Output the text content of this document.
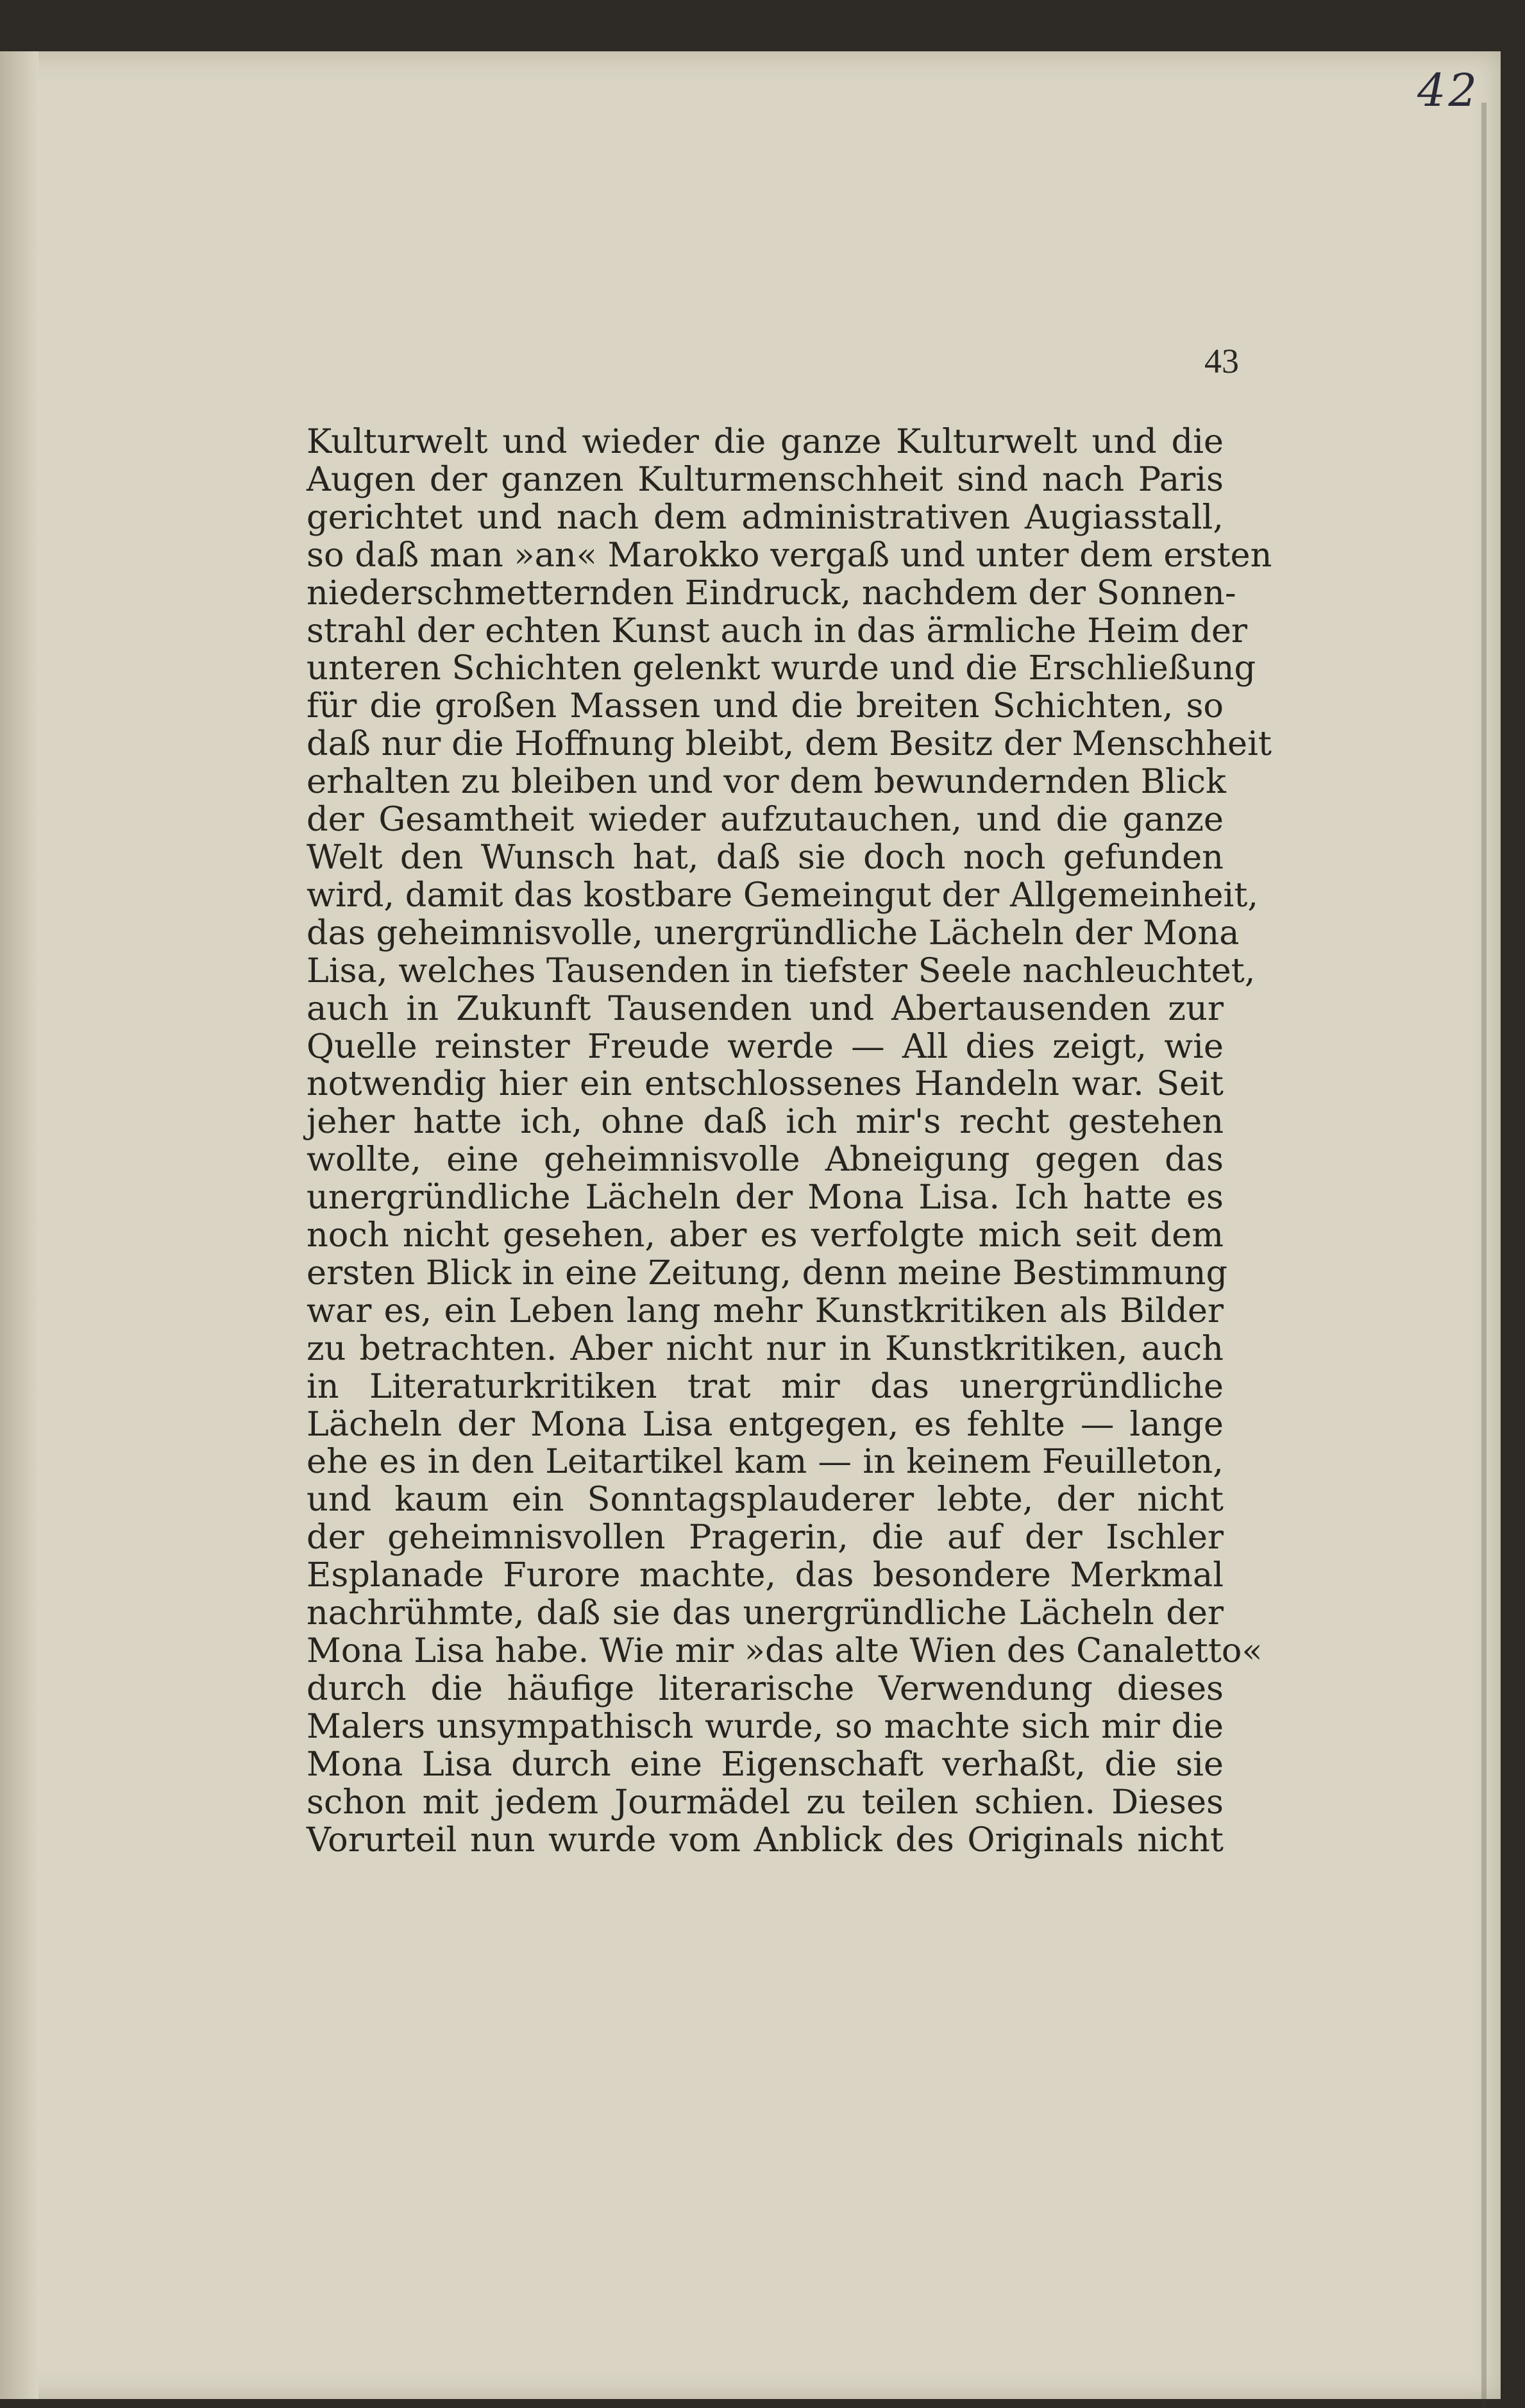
42
43
Kulturwelt und wieder die ganze Kulturwelt und die
Augen der ganzen Kulturmenschheit sind nach Paris
gerichtet und nach dem administrativen Augiasstall,
so daß man »an« Marokko vergaß und unter dem ersten
niederschmetternden Eindruck, nachdem der Sonnen-
strahl der echten Kunst auch in das ärmliche Heim der
unteren Schichten gelenkt wurde und die Erschließung
für die großen Massen und die breiten Schichten, so
daß nur die Hoffnung bleibt, dem Besitz der Menschheit
erhalten zu bleiben und vor dem bewundernden Blick
der Gesamtheit wieder aufzutauchen, und die ganze
Welt den Wunsch hat, daß sie doch noch gefunden
wird, damit das kostbare Gemeingut der Allgemeinheit,
das geheimnisvolle, unergründliche Lächeln der Mona
Lisa, welches Tausenden in tiefster Seele nachleuchtet,
auch in Zukunft Tausenden und Abertausenden zur
Quelle reinster Freude werde — All dies zeigt, wie
notwendig hier ein entschlossenes Handeln war. Seit
jeher hatte ich, ohne daß ich mir's recht gestehen
wollte, eine geheimnisvolle Abneigung gegen das
unergründliche Lächeln der Mona Lisa. Ich hatte es
noch nicht gesehen, aber es verfolgte mich seit dem
ersten Blick in eine Zeitung, denn meine Bestimmung
war es, ein Leben lang mehr Kunstkritiken als Bilder
zu betrachten. Aber nicht nur in Kunstkritiken, auch
in Literaturkritiken trat mir das unergründliche
Lächeln der Mona Lisa entgegen, es fehlte — lange
ehe es in den Leitartikel kam — in keinem Feuilleton,
und kaum ein Sonntagsplauderer lebte, der nicht
der geheimnisvollen Pragerin, die auf der Ischler
Esplanade Furore machte, das besondere Merkmal
nachrühmte, daß sie das unergründliche Lächeln der
Mona Lisa habe. Wie mir »das alte Wien des Canaletto«
durch die häufige literarische Verwendung dieses
Malers unsympathisch wurde, so machte sich mir die
Mona Lisa durch eine Eigenschaft verhaßt, die sie
schon mit jedem Jourmädel zu teilen schien. Dieses
Vorurteil nun wurde vom Anblick des Originals nicht
